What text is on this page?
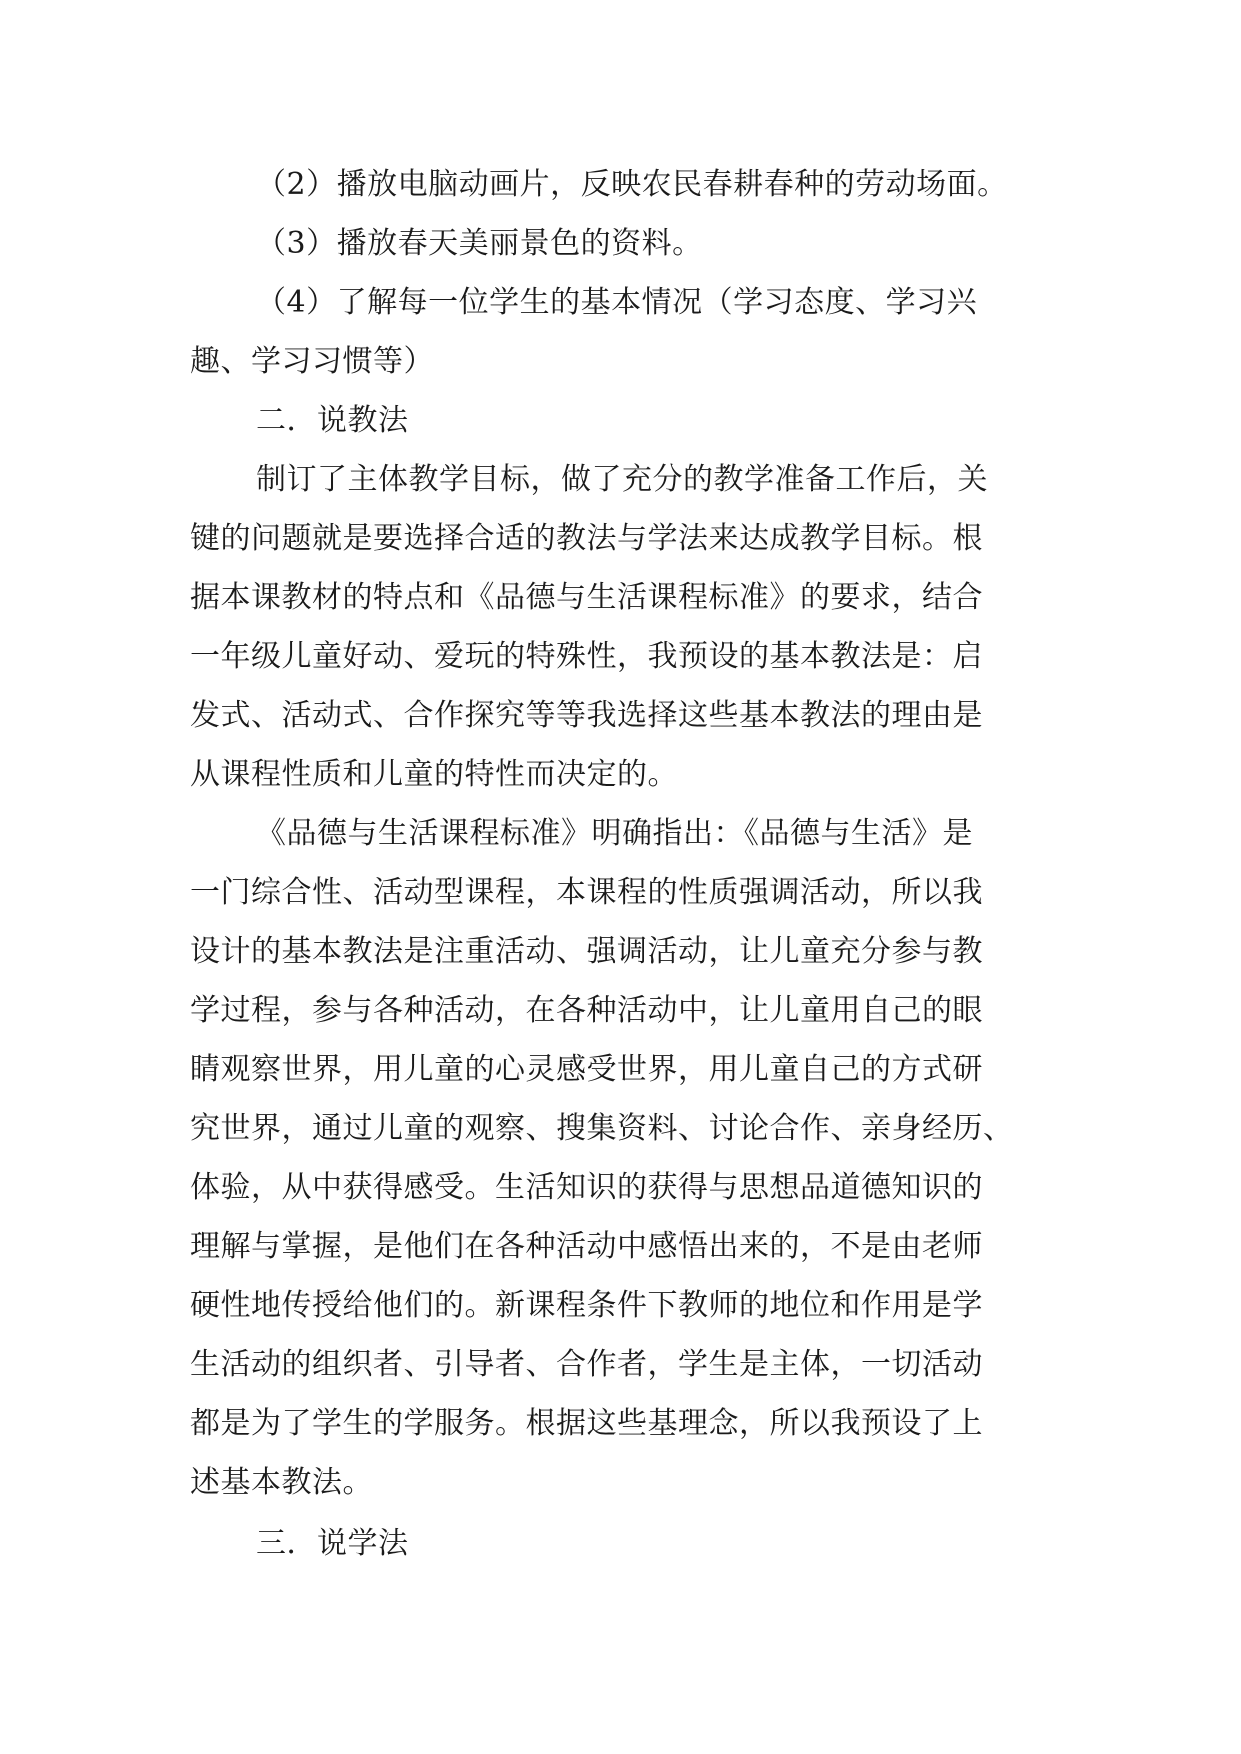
（2）播放电脑动画片，反映农民春耕春种的劳动场面。
（3）播放春天美丽景色的资料。
（4）了解每一位学生的基本情况（学习态度、学习兴
趣、学习习惯等）
二．说教法
制订了主体教学目标，做了充分的教学准备工作后，关
键的问题就是要选择合适的教法与学法来达成教学目标。根
据本课教材的特点和《品德与生活课程标准》的要求，结合
一年级儿童好动、爱玩的特殊性，我预设的基本教法是：启
发式、活动式、合作探究等等我选择这些基本教法的理由是
从课程性质和儿童的特性而决定的。
《品德与生活课程标准》明确指出：《品德与生活》是
一门综合性、活动型课程，本课程的性质强调活动，所以我
设计的基本教法是注重活动、强调活动，让儿童充分参与教
学过程，参与各种活动，在各种活动中，让儿童用自己的眼
睛观察世界，用儿童的心灵感受世界，用儿童自己的方式研
究世界，通过儿童的观察、搜集资料、讨论合作、亲身经历、
体验，从中获得感受。生活知识的获得与思想品道德知识的
理解与掌握，是他们在各种活动中感悟出来的，不是由老师
硬性地传授给他们的。新课程条件下教师的地位和作用是学
生活动的组织者、引导者、合作者，学生是主体，一切活动
都是为了学生的学服务。根据这些基理念，所以我预设了上
述基本教法。
三．说学法
